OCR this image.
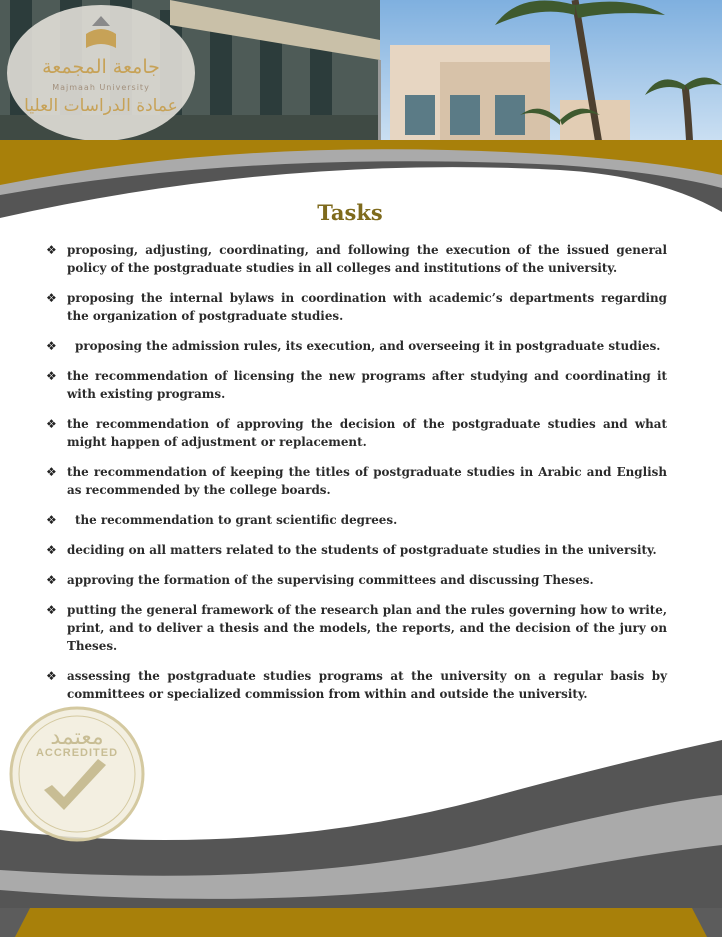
جامعة المجمعة
Majmaah University
عمادة الدراسات العليا
Tasks
❖ proposing, adjusting, coordinating, and following the execution of the issued general policy of the postgraduate studies in all colleges and institutions of the university.
❖ proposing the internal bylaws in coordination with academic’s departments regarding the organization of postgraduate studies.
❖ proposing the admission rules, its execution, and overseeing it in postgraduate studies.
❖ the recommendation of licensing the new programs after studying and coordinating it with existing programs.
❖ the recommendation of approving the decision of the postgraduate studies and what might happen of adjustment or replacement.
❖ the recommendation of keeping the titles of postgraduate studies in Arabic and English as recommended by the college boards.
❖ the recommendation to grant scientific degrees.
❖ deciding on all matters related to the students of postgraduate studies in the university.
❖ approving the formation of the supervising committees and discussing Theses.
❖ putting the general framework of the research plan and the rules governing how to write, print, and to deliver a thesis and the models, the reports, and the decision of the jury on Theses.
❖ assessing the postgraduate studies programs at the university on a regular basis by committees or specialized commission from within and outside the university.
معتمد
ACCREDITED
